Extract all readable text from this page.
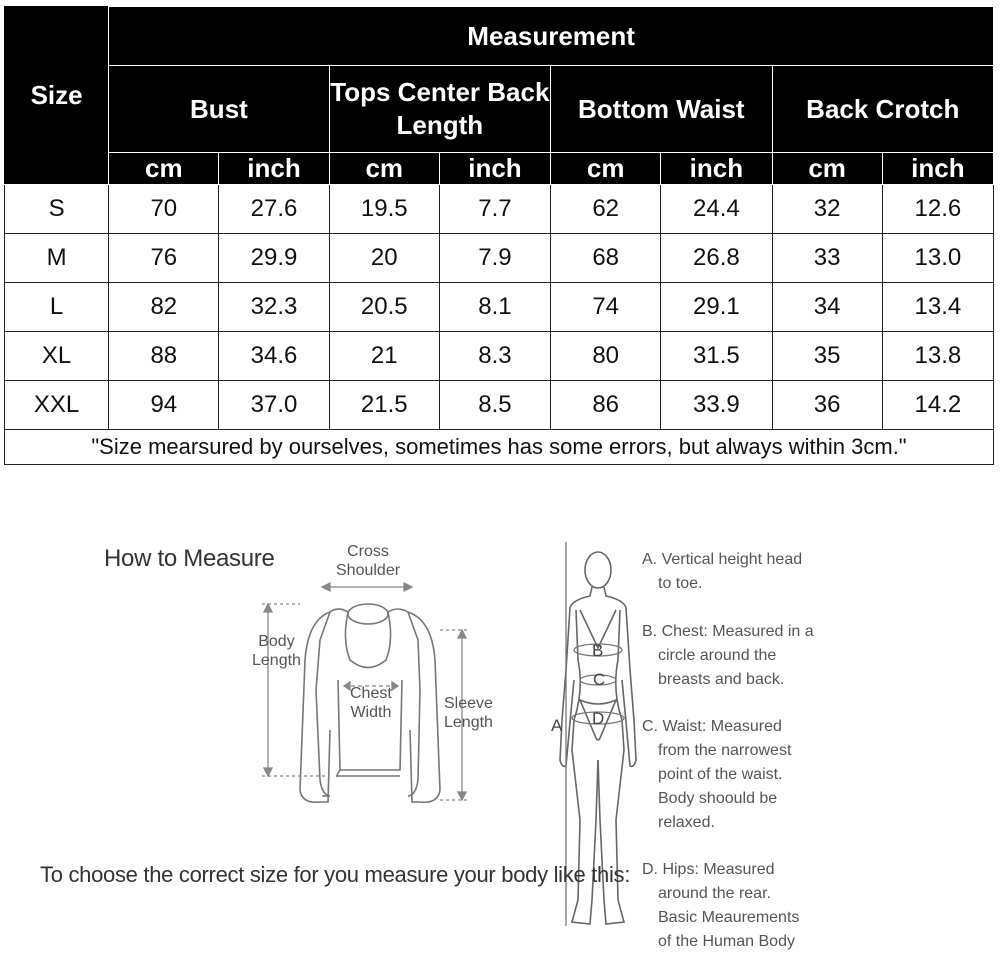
Size	Measurement							
	Bust		Tops Center Back Length		Bottom Waist		Back Crotch	
	cm	inch	cm	inch	cm	inch	cm	inch
S	70	27.6	19.5	7.7	62	24.4	32	12.6
M	76	29.9	20	7.9	68	26.8	33	13.0
L	82	32.3	20.5	8.1	74	29.1	34	13.4
XL	88	34.6	21	8.3	80	31.5	35	13.8
XXL	94	37.0	21.5	8.5	86	33.9	36	14.2
"Size mearsured by ourselves, sometimes has some errors, but always within 3cm."								
How to Measure	Cross
Shoulder
Body
Length
Chest
Width
Sleeve
Length
B
C
D
A
A. Vertical height head
to toe.
B. Chest: Measured in a
circle around the
breasts and back.
C. Waist: Measured
from the narrowest
point of the waist.
Body shoould be
relaxed.
D. Hips: Measured
around the rear.
Basic Meaurements
of the Human Body
To choose the correct size for you measure your body like this:
